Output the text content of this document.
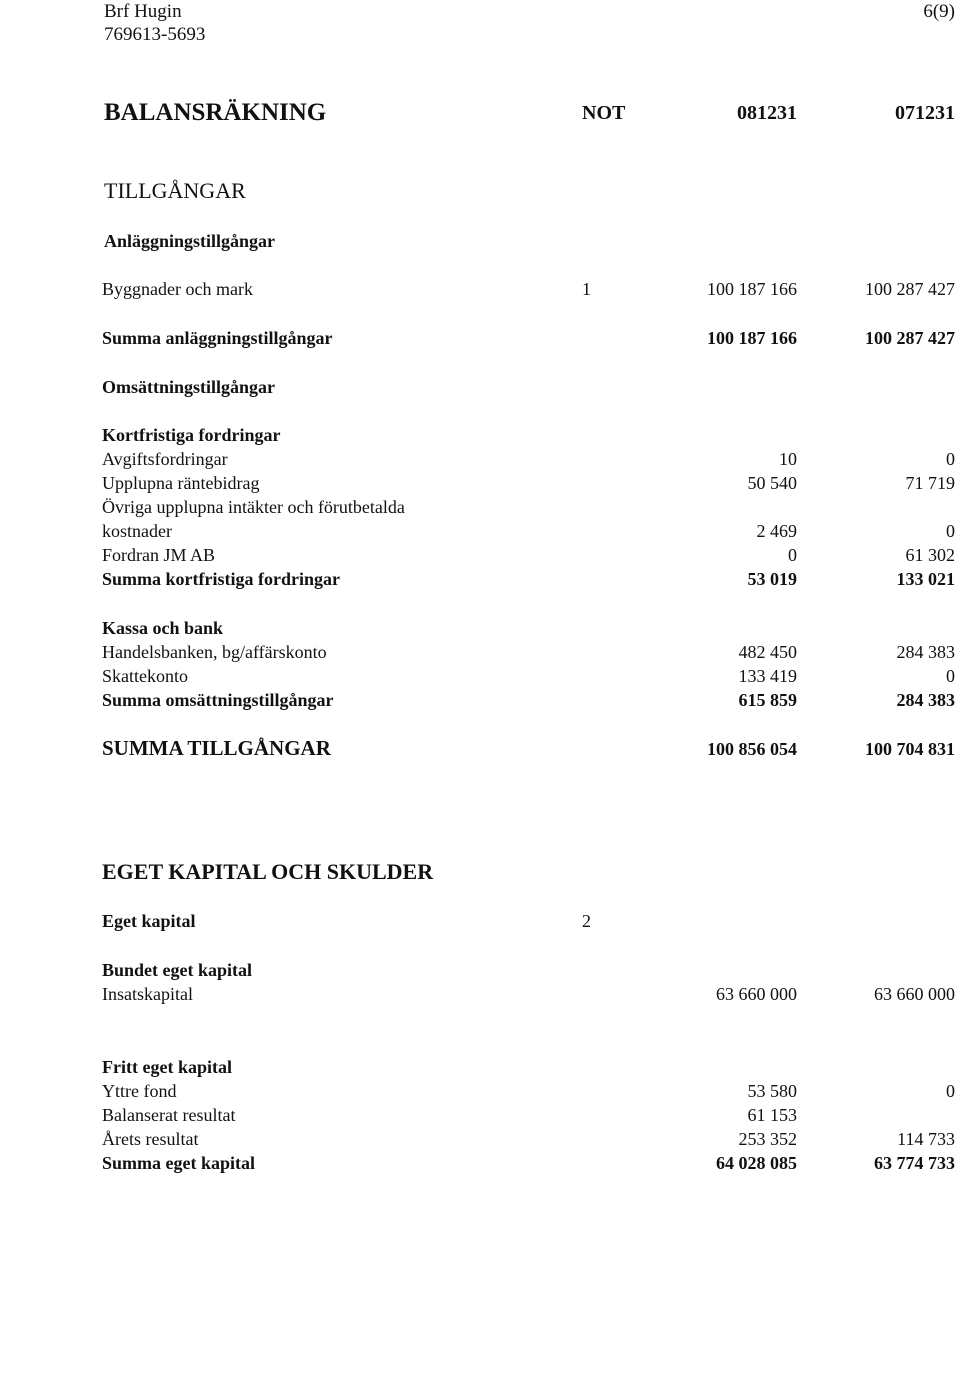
Brf Hugin
769613-5693
6(9)
BALANSRÄKNING	NOT	081231	071231
TILLGÅNGAR
Anläggningstillgångar
Byggnader och mark	1	100 187 166	100 287 427
Summa anläggningstillgångar	100 187 166	100 287 427
Omsättningstillgångar
Kortfristiga fordringar
Avgiftsfordringar	10	0
Upplupna räntebidrag	50 540	71 719
Övriga upplupna intäkter och förutbetalda
kostnader	2 469	0
Fordran JM AB	0	61 302
Summa kortfristiga fordringar	53 019	133 021
Kassa och bank
Handelsbanken, bg/affärskonto	482 450	284 383
Skattekonto	133 419	0
Summa omsättningstillgångar	615 859	284 383
SUMMA TILLGÅNGAR	100 856 054	100 704 831
EGET KAPITAL OCH SKULDER
Eget kapital	2
Bundet eget kapital
Insatskapital	63 660 000	63 660 000
Fritt eget kapital
Yttre fond	53 580	0
Balanserat resultat	61 153
Årets resultat	253 352	114 733
Summa eget kapital	64 028 085	63 774 733
